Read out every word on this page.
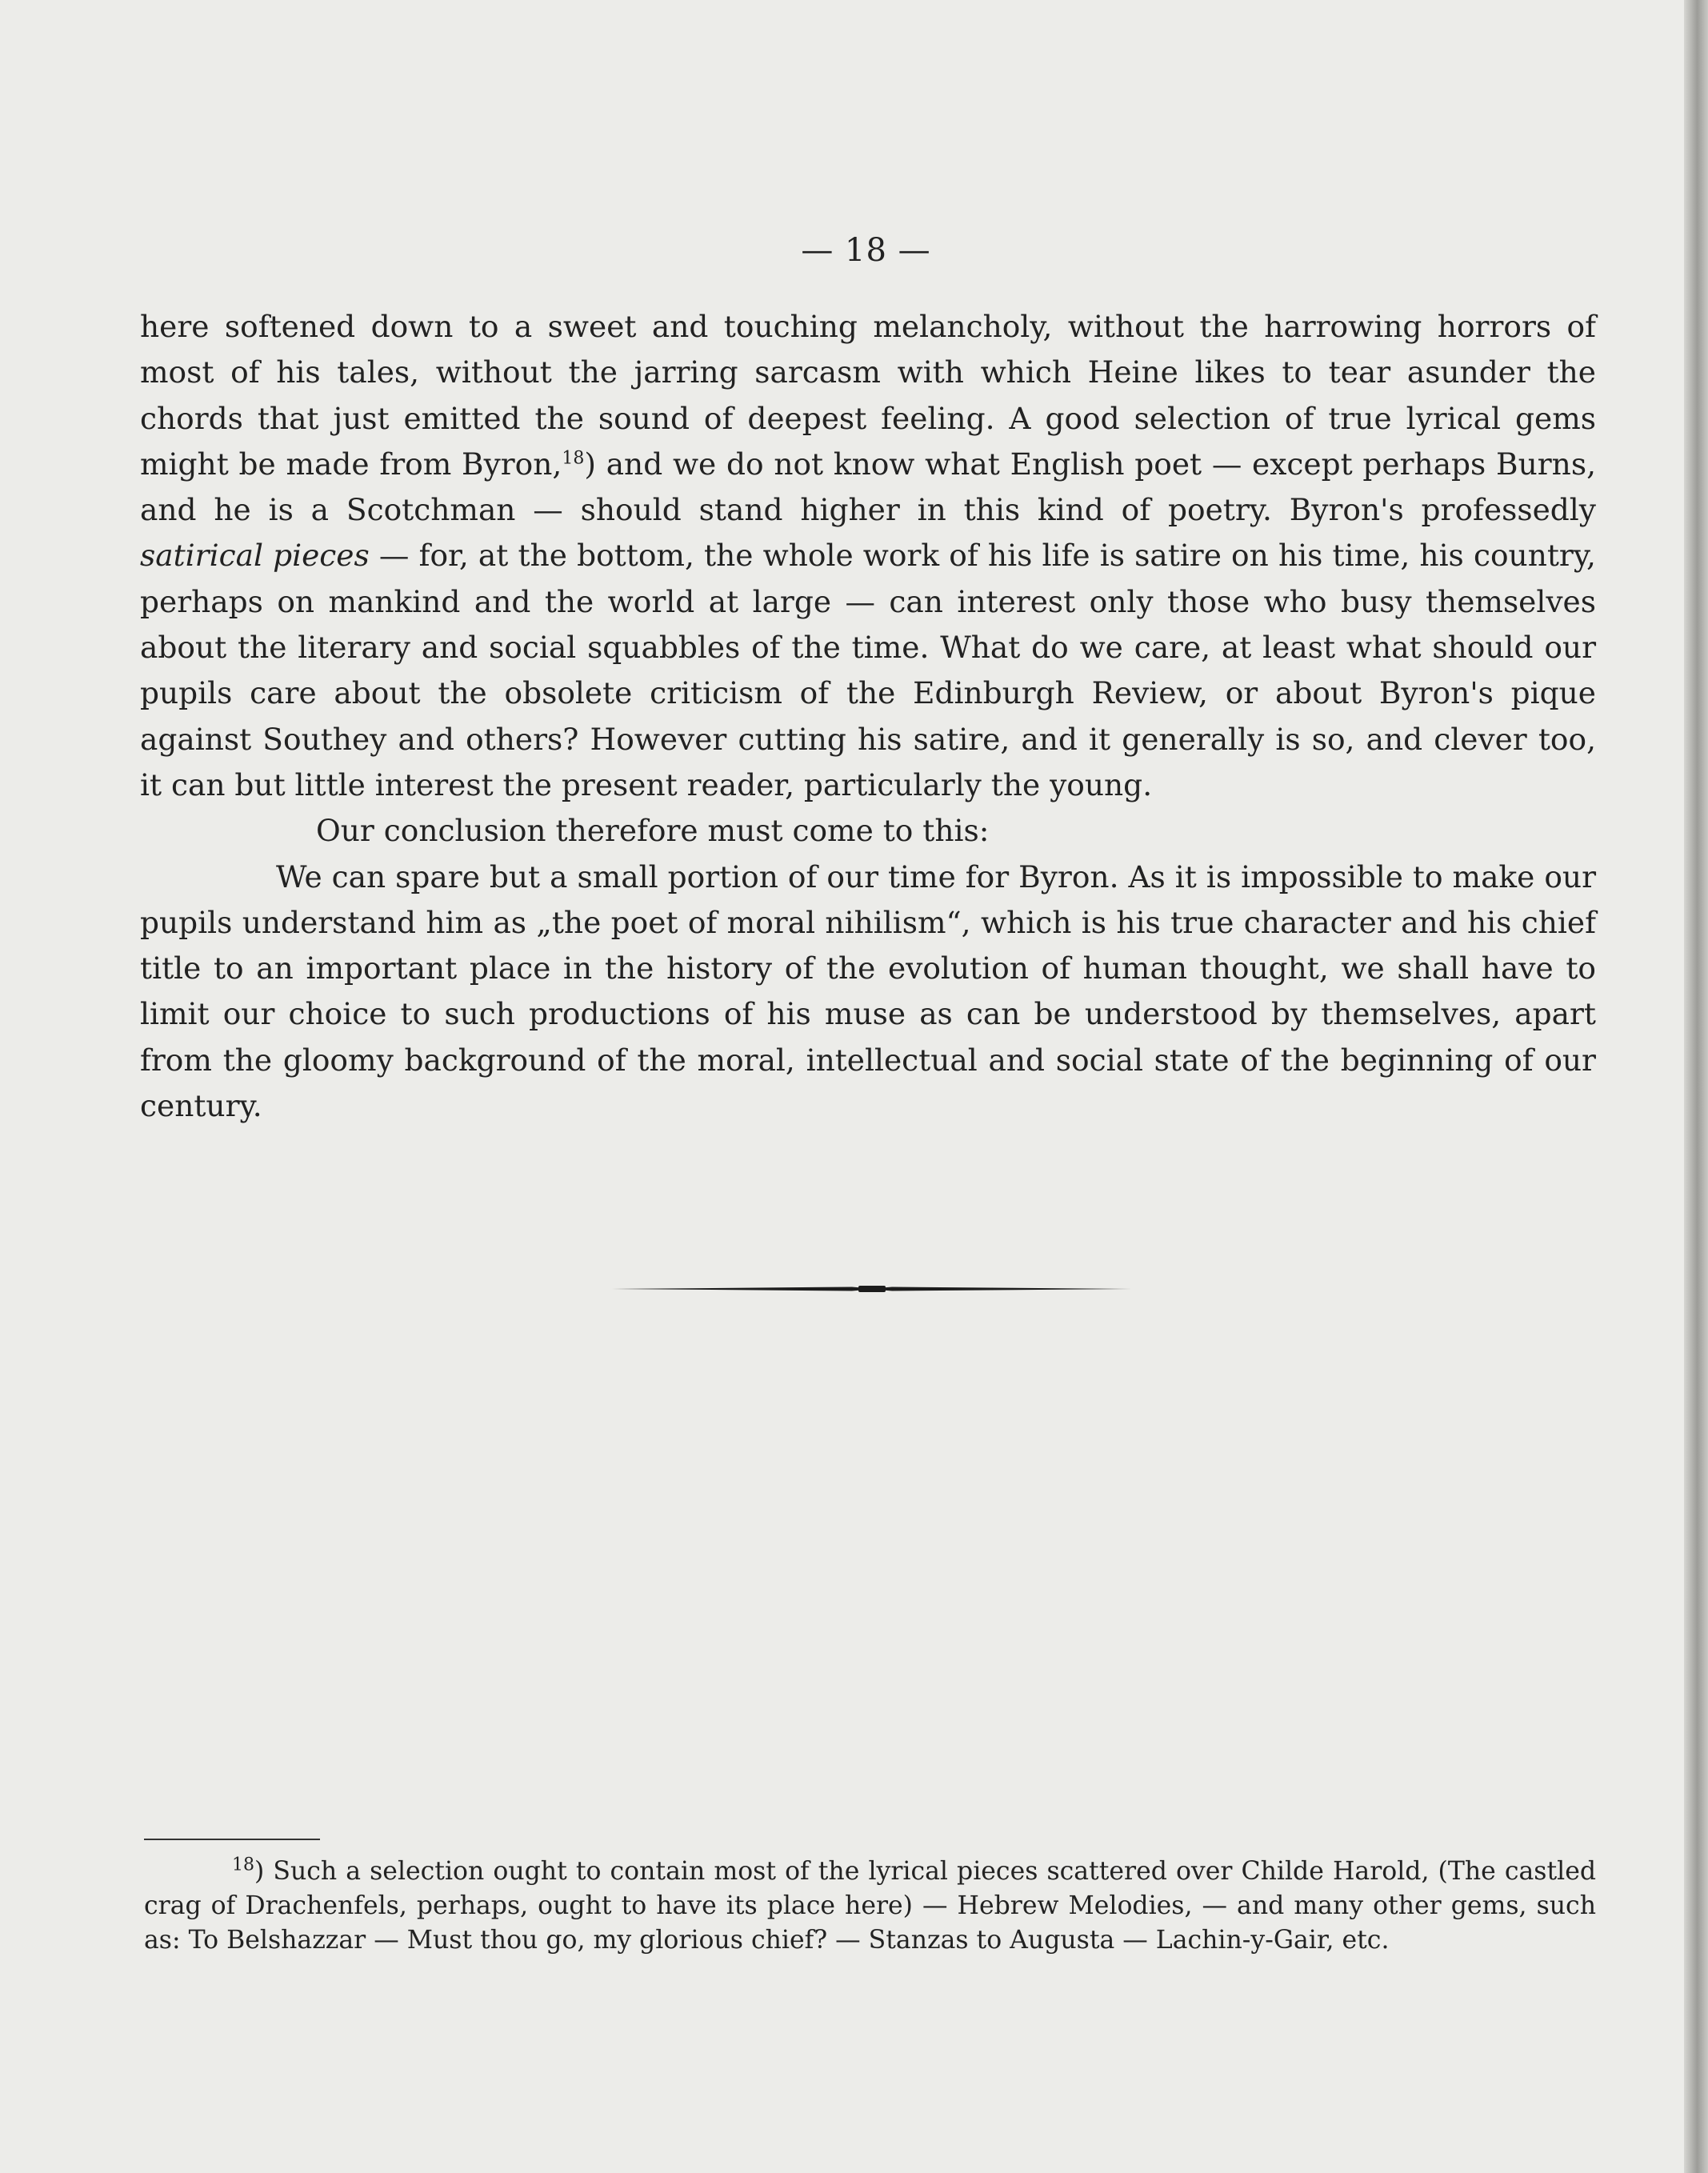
— 18 —

here softened down to a sweet and touching melancholy, without the harrowing horrors of most of his tales, without the jarring sarcasm with which Heine likes to tear asunder the chords that just emitted the sound of deepest feeling. A good selection of true lyrical gems might be made from Byron,$^{18}$) and we do not know what English poet — except perhaps Burns, and he is a Scotchman — should stand higher in this kind of poetry. Byron's professedly satirical pieces — for, at the bottom, the whole work of his life is satire on his time, his country, perhaps on mankind and the world at large — can interest only those who busy themselves about the literary and social squabbles of the time. What do we care, at least what should our pupils care about the obsolete criticism of the Edinburgh Review, or about Byron's pique against Southey and others? However cutting his satire, and it generally is so, and clever too, it can but little interest the present reader, particularly the young.

Our conclusion therefore must come to this:

We can spare but a small portion of our time for Byron. As it is impossible to make our pupils understand him as „the poet of moral nihilism“, which is his true character and his chief title to an important place in the history of the evolution of human thought, we shall have to limit our choice to such productions of his muse as can be understood by themselves, apart from the gloomy background of the moral, intellectual and social state of the beginning of our century.

$^{18}$) Such a selection ought to contain most of the lyrical pieces scattered over Childe Harold, (The castled crag of Drachenfels, perhaps, ought to have its place here) — Hebrew Melodies, — and many other gems, such as: To Belshazzar — Must thou go, my glorious chief? — Stanzas to Augusta — Lachin-y-Gair, etc.
